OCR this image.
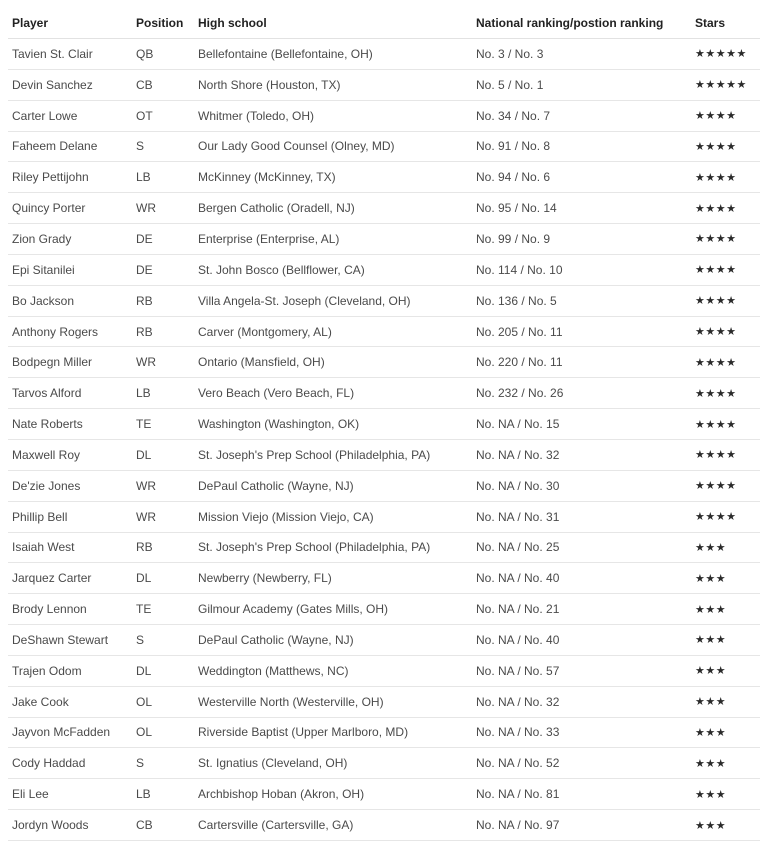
Player	Position	High school	National ranking/postion ranking	Stars
Tavien St. Clair	QB	Bellefontaine (Bellefontaine, OH)	No. 3 / No. 3	★★★★★
Devin Sanchez	CB	North Shore (Houston, TX)	No. 5 / No. 1	★★★★★
Carter Lowe	OT	Whitmer (Toledo, OH)	No. 34 / No. 7	★★★★
Faheem Delane	S	Our Lady Good Counsel (Olney, MD)	No. 91 / No. 8	★★★★
Riley Pettijohn	LB	McKinney (McKinney, TX)	No. 94 / No. 6	★★★★
Quincy Porter	WR	Bergen Catholic (Oradell, NJ)	No. 95 / No. 14	★★★★
Zion Grady	DE	Enterprise (Enterprise, AL)	No. 99 / No. 9	★★★★
Epi Sitanilei	DE	St. John Bosco (Bellflower, CA)	No. 114 / No. 10	★★★★
Bo Jackson	RB	Villa Angela-St. Joseph (Cleveland, OH)	No. 136 / No. 5	★★★★
Anthony Rogers	RB	Carver (Montgomery, AL)	No. 205 / No. 11	★★★★
Bodpegn Miller	WR	Ontario (Mansfield, OH)	No. 220 / No. 11	★★★★
Tarvos Alford	LB	Vero Beach (Vero Beach, FL)	No. 232 / No. 26	★★★★
Nate Roberts	TE	Washington (Washington, OK)	No. NA / No. 15	★★★★
Maxwell Roy	DL	St. Joseph's Prep School (Philadelphia, PA)	No. NA / No. 32	★★★★
De'zie Jones	WR	DePaul Catholic (Wayne, NJ)	No. NA / No. 30	★★★★
Phillip Bell	WR	Mission Viejo (Mission Viejo, CA)	No. NA / No. 31	★★★★
Isaiah West	RB	St. Joseph's Prep School (Philadelphia, PA)	No. NA / No. 25	★★★
Jarquez Carter	DL	Newberry (Newberry, FL)	No. NA / No. 40	★★★
Brody Lennon	TE	Gilmour Academy (Gates Mills, OH)	No. NA / No. 21	★★★
DeShawn Stewart	S	DePaul Catholic (Wayne, NJ)	No. NA / No. 40	★★★
Trajen Odom	DL	Weddington (Matthews, NC)	No. NA / No. 57	★★★
Jake Cook	OL	Westerville North (Westerville, OH)	No. NA / No. 32	★★★
Jayvon McFadden	OL	Riverside Baptist (Upper Marlboro, MD)	No. NA / No. 33	★★★
Cody Haddad	S	St. Ignatius (Cleveland, OH)	No. NA / No. 52	★★★
Eli Lee	LB	Archbishop Hoban (Akron, OH)	No. NA / No. 81	★★★
Jordyn Woods	CB	Cartersville (Cartersville, GA)	No. NA / No. 97	★★★
